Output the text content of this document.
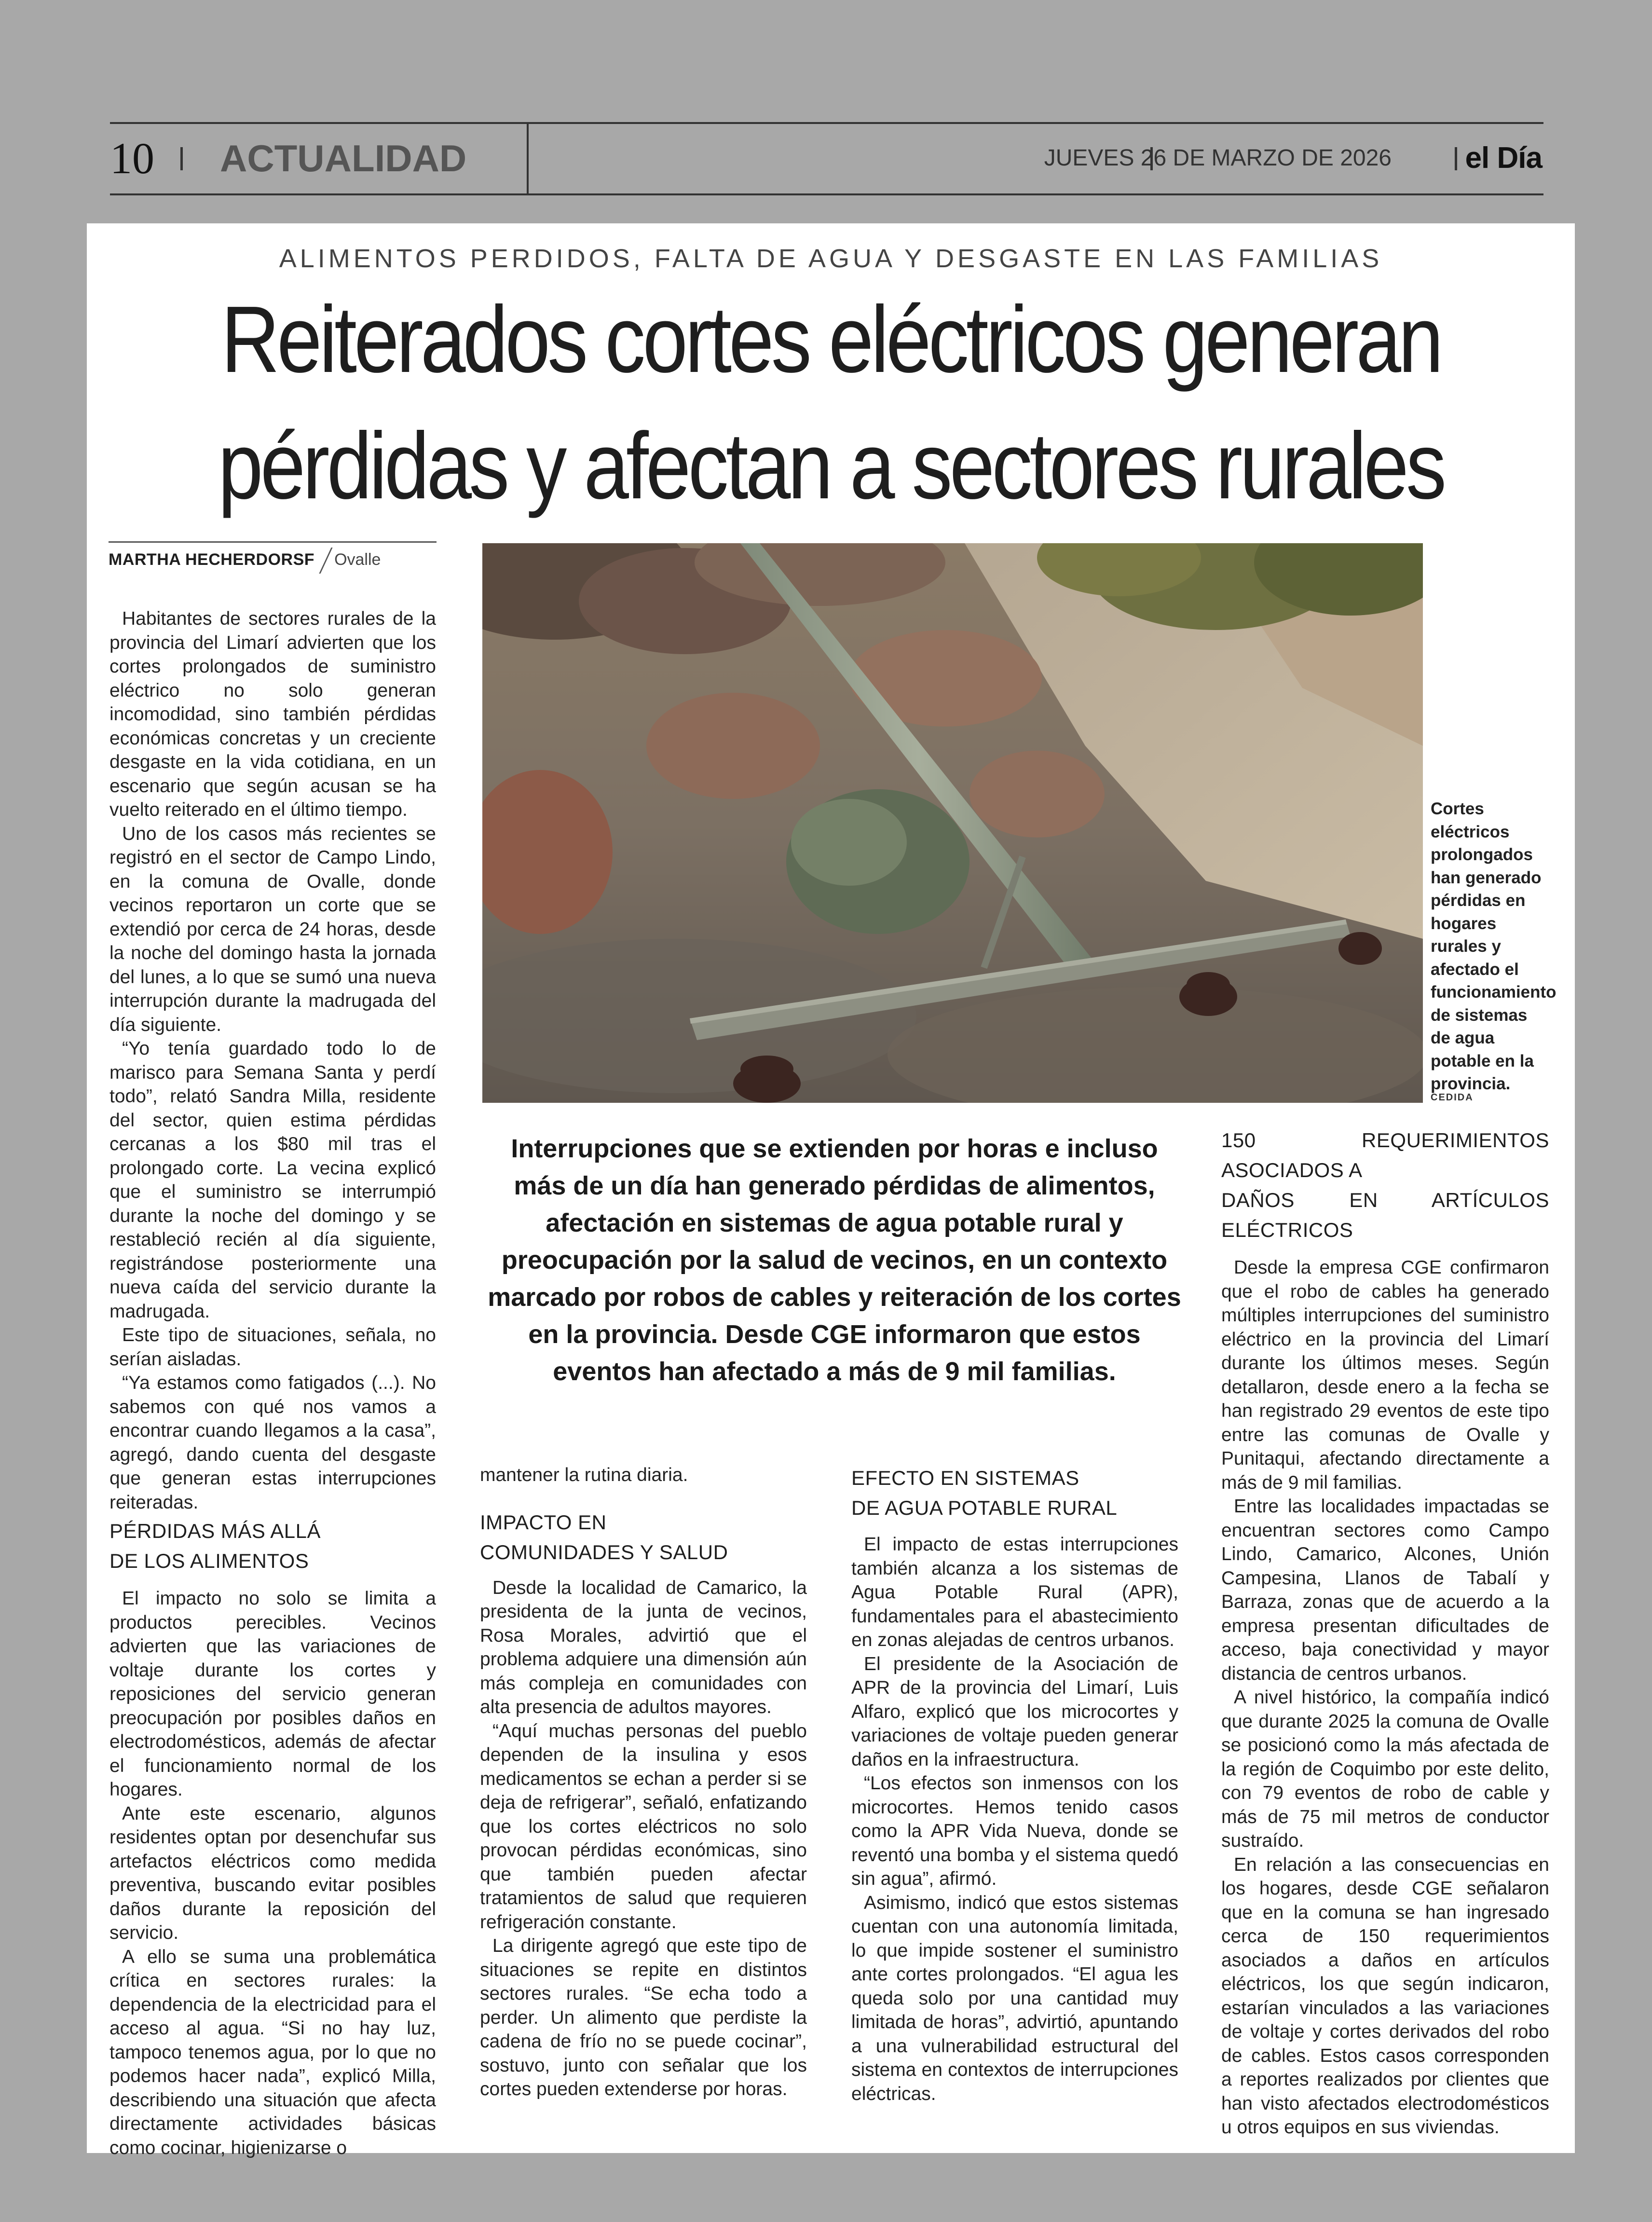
10 ACTUALIDAD	JUEVES 26 DE MARZO DE 2026 el Día
ALIMENTOS PERDIDOS, FALTA DE AGUA Y DESGASTE EN LAS FAMILIAS
Reiterados cortes eléctricos generan
pérdidas y afectan a sectores rurales
MARTHA HECHERDORSF Ovalle

Habitantes de sectores rurales de la provincia del Limarí advierten que los cortes prolongados de suministro eléctrico no solo generan incomodidad, sino también pérdidas económicas concretas y un creciente desgaste en la vida cotidiana, en un escenario que según acusan se ha vuelto reiterado en el último tiempo.

Uno de los casos más recientes se registró en el sector de Campo Lindo, en la comuna de Ovalle, donde vecinos reportaron un corte que se extendió por cerca de 24 horas, desde la noche del domingo hasta la jornada del lunes, a lo que se sumó una nueva interrupción durante la madrugada del día siguiente.

“Yo tenía guardado todo lo de marisco para Semana Santa y perdí todo”, relató Sandra Milla, residente del sector, quien estima pérdidas cercanas a los $80 mil tras el prolongado corte. La vecina explicó que el suministro se interrumpió durante la noche del domingo y se restableció recién al día siguiente, registrándose posteriormente una nueva caída del servicio durante la madrugada.

Este tipo de situaciones, señala, no serían aisladas.

“Ya estamos como fatigados (...). No sabemos con qué nos vamos a encontrar cuando llegamos a la casa”, agregó, dando cuenta del desgaste que generan estas interrupciones reiteradas.

PÉRDIDAS MÁS ALLÁ
DE LOS ALIMENTOS

El impacto no solo se limita a productos perecibles. Vecinos advierten que las variaciones de voltaje durante los cortes y reposiciones del servicio generan preocupación por posibles daños en electrodomésticos, además de afectar el funcionamiento normal de los hogares.

Ante este escenario, algunos residentes optan por desenchufar sus artefactos eléctricos como medida preventiva, buscando evitar posibles daños durante la reposición del servicio.

A ello se suma una problemática crítica en sectores rurales: la dependencia de la electricidad para el acceso al agua. “Si no hay luz, tampoco tenemos agua, por lo que no podemos hacer nada”, explicó Milla, describiendo una situación que afecta directamente actividades básicas como cocinar, higienizarse o

Cortes eléctricos prolongados han generado pérdidas en hogares rurales y afectado el funcionamiento de sistemas de agua potable en la provincia.
CEDIDA

Interrupciones que se extienden por horas e incluso más de un día han generado pérdidas de alimentos, afectación en sistemas de agua potable rural y preocupación por la salud de vecinos, en un contexto marcado por robos de cables y reiteración de los cortes en la provincia. Desde CGE informaron que estos eventos han afectado a más de 9 mil familias.

mantener la rutina diaria.

IMPACTO EN
COMUNIDADES Y SALUD

Desde la localidad de Camarico, la presidenta de la junta de vecinos, Rosa Morales, advirtió que el problema adquiere una dimensión aún más compleja en comunidades con alta presencia de adultos mayores.

“Aquí muchas personas del pueblo dependen de la insulina y esos medicamentos se echan a perder si se deja de refrigerar”, señaló, enfatizando que los cortes eléctricos no solo provocan pérdidas económicas, sino que también pueden afectar tratamientos de salud que requieren refrigeración constante.

La dirigente agregó que este tipo de situaciones se repite en distintos sectores rurales. “Se echa todo a perder. Un alimento que perdiste la cadena de frío no se puede cocinar”, sostuvo, junto con señalar que los cortes pueden extenderse por horas.

EFECTO EN SISTEMAS
DE AGUA POTABLE RURAL

El impacto de estas interrupciones también alcanza a los sistemas de Agua Potable Rural (APR), fundamentales para el abastecimiento en zonas alejadas de centros urbanos.

El presidente de la Asociación de APR de la provincia del Limarí, Luis Alfaro, explicó que los microcortes y variaciones de voltaje pueden generar daños en la infraestructura.

“Los efectos son inmensos con los microcortes. Hemos tenido casos como la APR Vida Nueva, donde se reventó una bomba y el sistema quedó sin agua”, afirmó.

Asimismo, indicó que estos sistemas cuentan con una autonomía limitada, lo que impide sostener el suministro ante cortes prolongados. “El agua les queda solo por una cantidad muy limitada de horas”, advirtió, apuntando a una vulnerabilidad estructural del sistema en contextos de interrupciones eléctricas.

150 REQUERIMIENTOS ASOCIADOS A
DAÑOS EN ARTÍCULOS ELÉCTRICOS

Desde la empresa CGE confirmaron que el robo de cables ha generado múltiples interrupciones del suministro eléctrico en la provincia del Limarí durante los últimos meses. Según detallaron, desde enero a la fecha se han registrado 29 eventos de este tipo entre las comunas de Ovalle y Punitaqui, afectando directamente a más de 9 mil familias.

Entre las localidades impactadas se encuentran sectores como Campo Lindo, Camarico, Alcones, Unión Campesina, Llanos de Tabalí y Barraza, zonas que de acuerdo a la empresa presentan dificultades de acceso, baja conectividad y mayor distancia de centros urbanos.

A nivel histórico, la compañía indicó que durante 2025 la comuna de Ovalle se posicionó como la más afectada de la región de Coquimbo por este delito, con 79 eventos de robo de cable y más de 75 mil metros de conductor sustraído.

En relación a las consecuencias en los hogares, desde CGE señalaron que en la comuna se han ingresado cerca de 150 requerimientos asociados a daños en artículos eléctricos, los que según indicaron, estarían vinculados a las variaciones de voltaje y cortes derivados del robo de cables. Estos casos corresponden a reportes realizados por clientes que han visto afectados electrodomésticos u otros equipos en sus viviendas.
